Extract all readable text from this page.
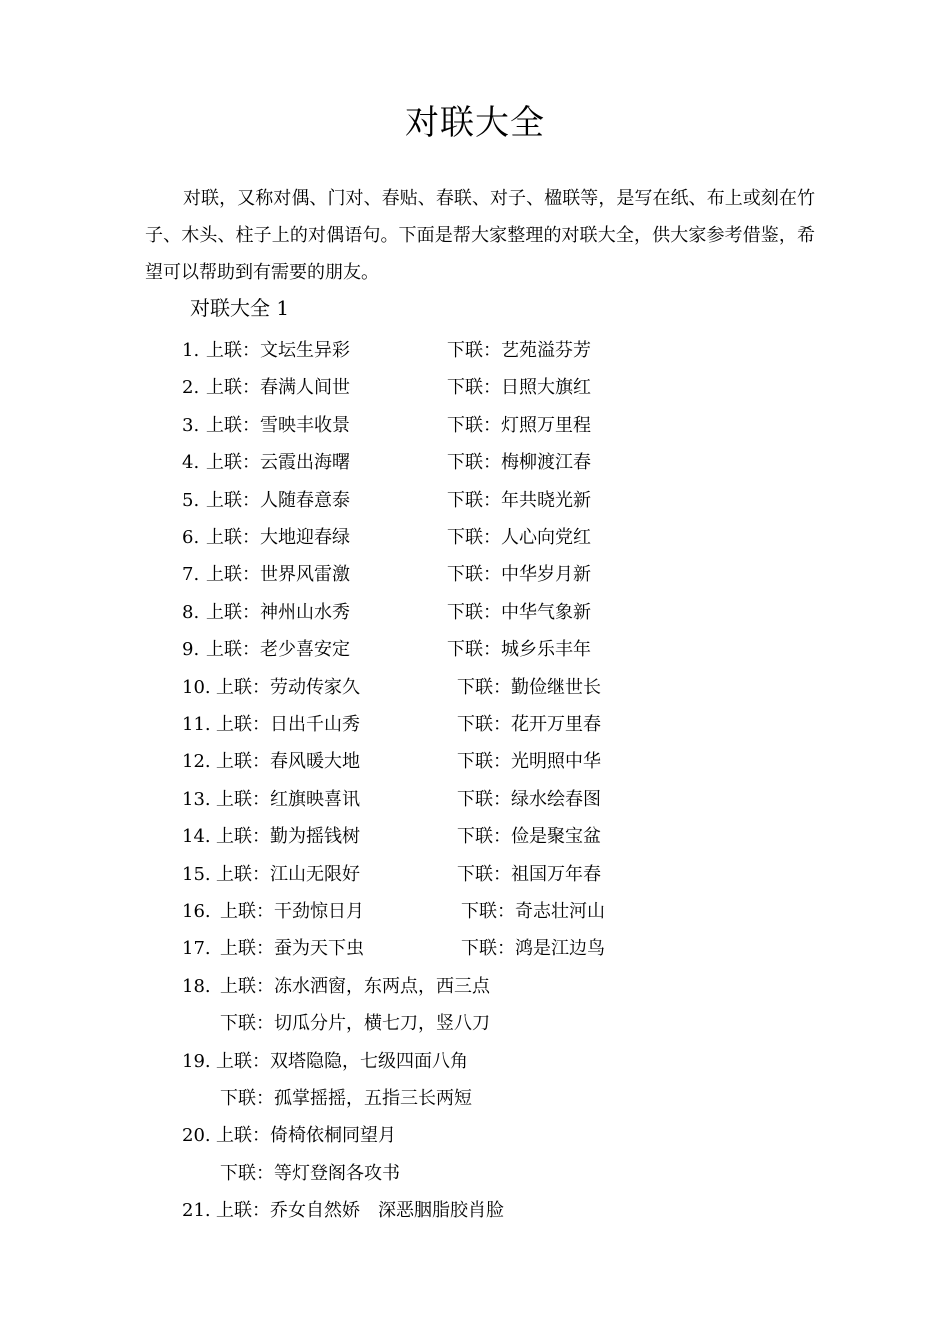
对联大全
对联，又称对偶、门对、春贴、春联、对子、楹联等，是写在纸、布上或刻在竹子、木头、柱子上的对偶语句。下面是帮大家整理的对联大全，供大家参考借鉴，希望可以帮助到有需要的朋友。
对联大全 1
1. 上联：文坛生异彩	下联：艺苑溢芬芳
2. 上联：春满人间世	下联：日照大旗红
3. 上联：雪映丰收景	下联：灯照万里程
4. 上联：云霞出海曙	下联：梅柳渡江春
5. 上联：人随春意泰	下联：年共晓光新
6. 上联：大地迎春绿	下联：人心向党红
7. 上联：世界风雷激	下联：中华岁月新
8. 上联：神州山水秀	下联：中华气象新
9. 上联：老少喜安定	下联：城乡乐丰年
10. 上联：劳动传家久	下联：勤俭继世长
11. 上联：日出千山秀	下联：花开万里春
12. 上联：春风暖大地	下联：光明照中华
13. 上联：红旗映喜讯	下联：绿水绘春图
14. 上联：勤为摇钱树	下联：俭是聚宝盆
15. 上联：江山无限好	下联：祖国万年春
16. 上联：干劲惊日月	下联：奇志壮河山
17. 上联：蚕为天下虫	下联：鸿是江边鸟
18. 上联：冻水洒窗，东两点，西三点
下联：切瓜分片，横七刀，竖八刀
19. 上联：双塔隐隐，七级四面八角
下联：孤掌摇摇，五指三长两短
20. 上联：倚椅依桐同望月
下联：等灯登阁各攻书
21. 上联：乔女自然娇　深恶胭脂胶肖脸
